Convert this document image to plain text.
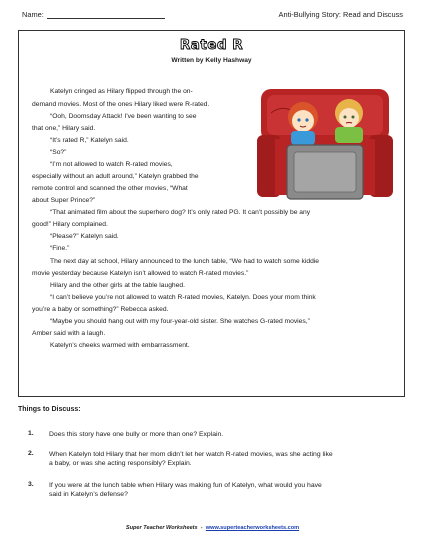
Name:	Anti-Bullying Story: Read and Discuss
Rated R
Written by Kelly Hashway
Katelyn cringed as Hilary flipped through the on-
demand movies. Most of the ones Hilary liked were R-rated.
“Ooh, Doomsday Attack! I’ve been wanting to see
that one,” Hilary said.
“It’s rated R,” Katelyn said.
“So?”
“I’m not allowed to watch R-rated movies,
especially without an adult around,” Katelyn grabbed the
remote control and scanned the other movies, “What
about Super Prince?”
“That animated film about the superhero dog? It’s only rated PG. It can’t possibly be any
good!” Hilary complained.
“Please?” Katelyn said.
“Fine.”
The next day at school, Hilary announced to the lunch table, “We had to watch some kiddie
movie yesterday because Katelyn isn’t allowed to watch R-rated movies.”
Hilary and the other girls at the table laughed.
“I can’t believe you’re not allowed to watch R-rated movies, Katelyn. Does your mom think
you’re a baby or something?” Rebecca asked.
“Maybe you should hang out with my four-year-old sister. She watches G-rated movies,”
Amber said with a laugh.
Katelyn’s cheeks warmed with embarrassment.
Things to Discuss:
1. Does this story have one bully or more than one? Explain.
2. When Katelyn told Hilary that her mom didn’t let her watch R-rated movies, was she acting like
a baby, or was she acting responsibly? Explain.
3. If you were at the lunch table when Hilary was making fun of Katelyn, what would you have
said in Katelyn’s defense?
Super Teacher Worksheets - www.superteacherworksheets.com
